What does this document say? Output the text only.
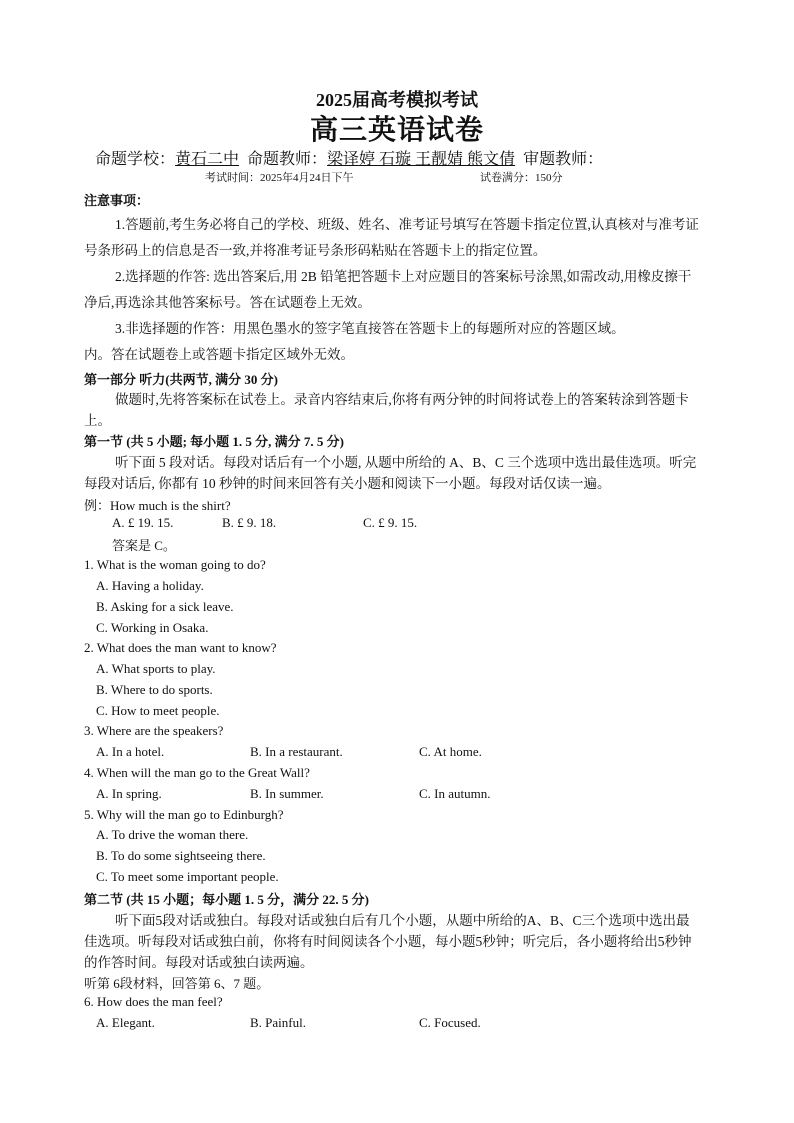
2025届高考模拟考试
高三英语试卷
命题学校：黄石二中 命题教师：梁译婷 石璇 王靓婧 熊文倩 审题教师：
考试时间：2025年4月24日下午	试卷满分：150分
注意事项：
1.答题前,考生务必将自己的学校、班级、姓名、准考证号填写在答题卡指定位置,认真核对与准考证
号条形码上的信息是否一致,并将准考证号条形码粘贴在答题卡上的指定位置。
2.选择题的作答: 选出答案后,用 2B 铅笔把答题卡上对应题目的答案标号涂黑,如需改动,用橡皮擦干
净后,再选涂其他答案标号。答在试题卷上无效。
3.非选择题的作答：用黑色墨水的签字笔直接答在答题卡上的每题所对应的答题区域。
内。答在试题卷上或答题卡指定区域外无效。
第一部分 听力(共两节, 满分 30 分)
做题时,先将答案标在试卷上。录音内容结束后,你将有两分钟的时间将试卷上的答案转涂到答题卡
上。
第一节 (共 5 小题; 每小题 1. 5 分, 满分 7. 5 分)
听下面 5 段对话。每段对话后有一个小题, 从题中所给的 A、B、C 三个选项中选出最佳选项。听完
每段对话后, 你都有 10 秒钟的时间来回答有关小题和阅读下一小题。每段对话仅读一遍。
例：How much is the shirt?
A. £ 19. 15.	B. £ 9. 18.	C. £ 9. 15.
答案是 C。
1. What is the woman going to do?
A. Having a holiday.
B. Asking for a sick leave.
C. Working in Osaka.
2. What does the man want to know?
A. What sports to play.
B. Where to do sports.
C. How to meet people.
3. Where are the speakers?
A. In a hotel.	B. In a restaurant.	C. At home.
4. When will the man go to the Great Wall?
A. In spring.	B. In summer.	C. In autumn.
5. Why will the man go to Edinburgh?
A. To drive the woman there.
B. To do some sightseeing there.
C. To meet some important people.
第二节 (共 15 小题；每小题 1. 5 分，满分 22. 5 分)
听下面5段对话或独白。每段对话或独白后有几个小题，从题中所给的A、B、C三个选项中选出最
佳选项。听每段对话或独白前，你将有时间阅读各个小题，每小题5秒钟；听完后，各小题将给出5秒钟
的作答时间。每段对话或独白读两遍。
听第 6段材料，回答第 6、7 题。
6. How does the man feel?
A. Elegant.	B. Painful.	C. Focused.
